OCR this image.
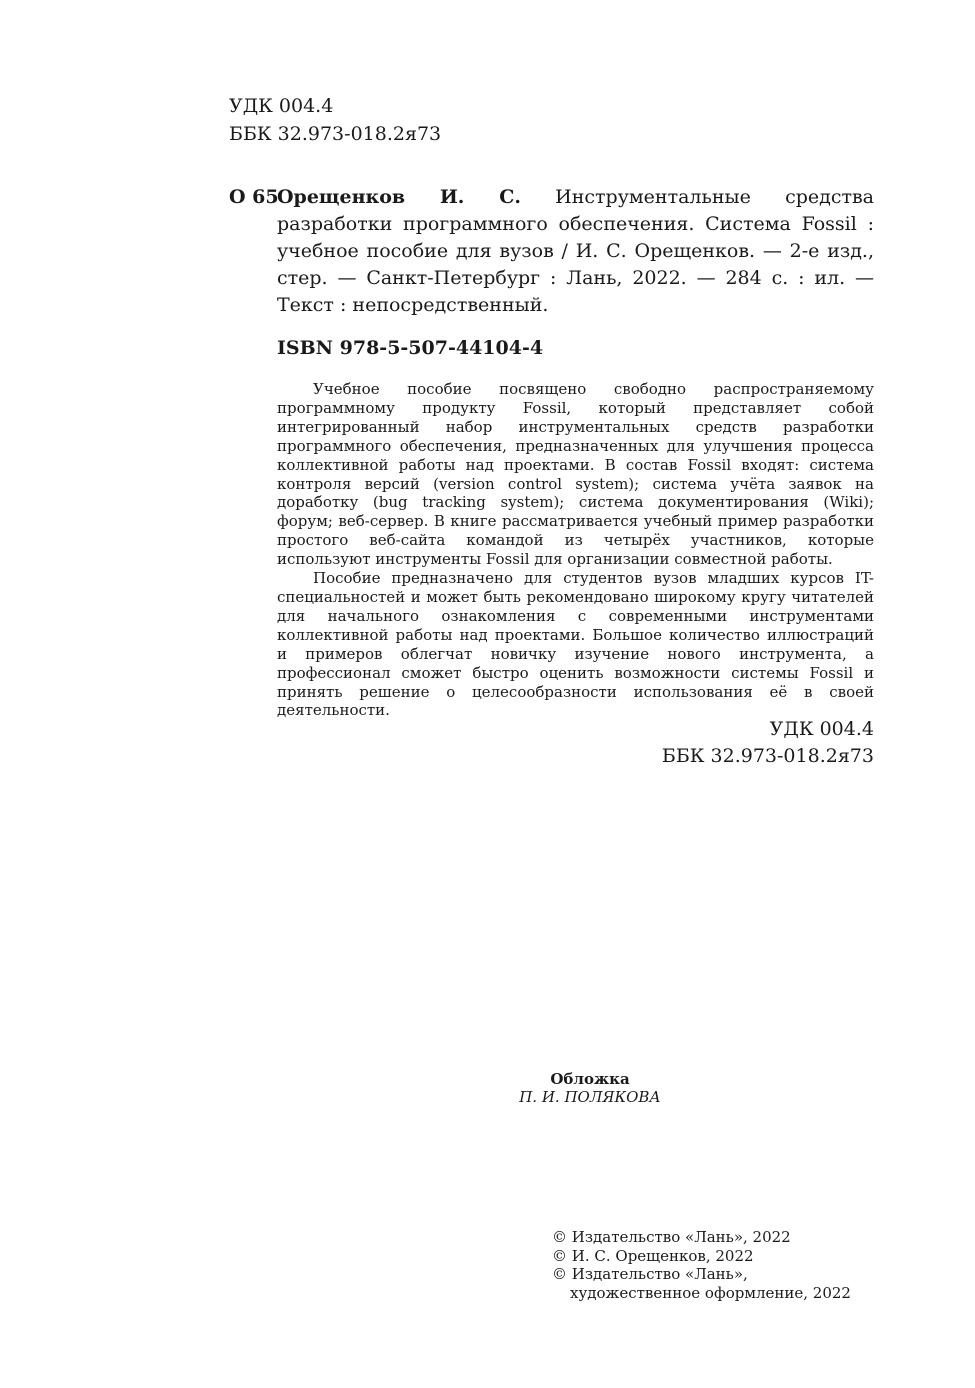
УДК 004.4
ББК 32.973-018.2я73
О 65
Орещенков И. С. Инструментальные средства разработки программного обеспечения. Система Fossil : учебное пособие для вузов / И. С. Орещенков. — 2-е изд., стер. — Санкт-Петербург : Лань, 2022. — 284 с. : ил. — Текст : непосредственный.
ISBN 978-5-507-44104-4

Учебное пособие посвящено свободно распространяемому программному продукту Fossil, который представляет собой интегрированный набор инструментальных средств разработки программного обеспечения, предназначенных для улучшения процесса коллективной работы над проектами. В состав Fossil входят: система контроля версий (version control system); система учёта заявок на доработку (bug tracking system); система документирования (Wiki); форум; веб-сервер. В книге рассматривается учебный пример разработки простого веб-сайта командой из четырёх участников, которые используют инструменты Fossil для организации совместной работы.

Пособие предназначено для студентов вузов младших курсов IT-специальностей и может быть рекомендовано широкому кругу читателей для начального ознакомления с современными инструментами коллективной работы над проектами. Большое количество иллюстраций и примеров облегчат новичку изучение нового инструмента, а профессионал сможет быстро оценить возможности системы Fossil и принять решение о целесообразности использования её в своей деятельности.

УДК 004.4
ББК 32.973-018.2я73
Обложка
П. И. ПОЛЯКОВА
© Издательство «Лань», 2022
© И. С. Орещенков, 2022
© Издательство «Лань»,
художественное оформление, 2022
